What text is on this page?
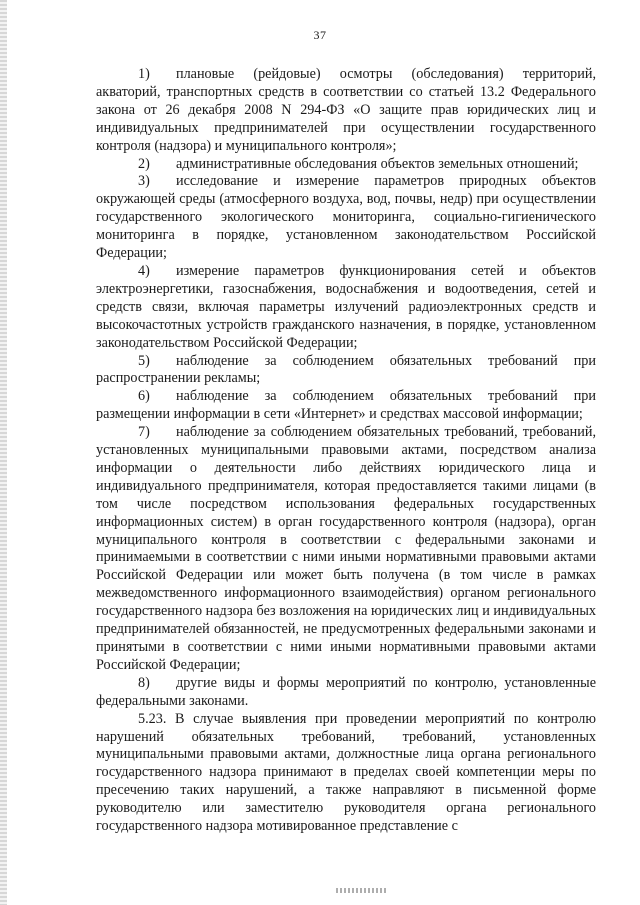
37

1) плановые (рейдовые) осмотры (обследования) территорий, акваторий, транспортных средств в соответствии со статьей 13.2 Федерального закона от 26 декабря 2008 N 294-ФЗ «О защите прав юридических лиц и индивидуальных предпринимателей при осуществлении государственного контроля (надзора) и муниципального контроля»;

2) административные обследования объектов земельных отношений;

3) исследование и измерение параметров природных объектов окружающей среды (атмосферного воздуха, вод, почвы, недр) при осуществлении государственного экологического мониторинга, социально-гигиенического мониторинга в порядке, установленном законодательством Российской Федерации;

4) измерение параметров функционирования сетей и объектов электроэнергетики, газоснабжения, водоснабжения и водоотведения, сетей и средств связи, включая параметры излучений радиоэлектронных средств и высокочастотных устройств гражданского назначения, в порядке, установленном законодательством Российской Федерации;

5) наблюдение за соблюдением обязательных требований при распространении рекламы;

6) наблюдение за соблюдением обязательных требований при размещении информации в сети «Интернет» и средствах массовой информации;

7) наблюдение за соблюдением обязательных требований, требований, установленных муниципальными правовыми актами, посредством анализа информации о деятельности либо действиях юридического лица и индивидуального предпринимателя, которая предоставляется такими лицами (в том числе посредством использования федеральных государственных информационных систем) в орган государственного контроля (надзора), орган муниципального контроля в соответствии с федеральными законами и принимаемыми в соответствии с ними иными нормативными правовыми актами Российской Федерации или может быть получена (в том числе в рамках межведомственного информационного взаимодействия) органом регионального государственного надзора без возложения на юридических лиц и индивидуальных предпринимателей обязанностей, не предусмотренных федеральными законами и принятыми в соответствии с ними иными нормативными правовыми актами Российской Федерации;

8) другие виды и формы мероприятий по контролю, установленные федеральными законами.

5.23. В случае выявления при проведении мероприятий по контролю нарушений обязательных требований, требований, установленных муниципальными правовыми актами, должностные лица органа регионального государственного надзора принимают в пределах своей компетенции меры по пресечению таких нарушений, а также направляют в письменной форме руководителю или заместителю руководителя органа регионального государственного надзора мотивированное представление с
